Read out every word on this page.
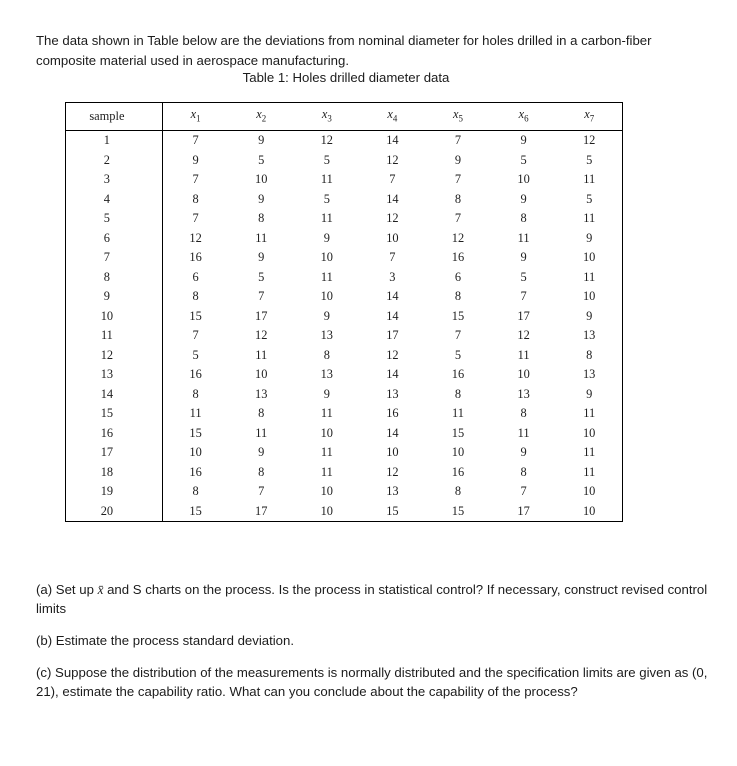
The data shown in Table below are the deviations from nominal diameter for holes drilled in a carbon-fiber composite material used in aerospace manufacturing.

Table 1: Holes drilled diameter data
sample	$x_1$	$x_2$	$x_3$	$x_4$	$x_5$	$x_6$	$x_7$
1	7	9	12	14	7	9	12
2	9	5	5	12	9	5	5
3	7	10	11	7	7	10	11
4	8	9	5	14	8	9	5
5	7	8	11	12	7	8	11
6	12	11	9	10	12	11	9
7	16	9	10	7	16	9	10
8	6	5	11	3	6	5	11
9	8	7	10	14	8	7	10
10	15	17	9	14	15	17	9
11	7	12	13	17	7	12	13
12	5	11	8	12	5	11	8
13	16	10	13	14	16	10	13
14	8	13	9	13	8	13	9
15	11	8	11	16	11	8	11
16	15	11	10	14	15	11	10
17	10	9	11	10	10	9	11
18	16	8	11	12	16	8	11
19	8	7	10	13	8	7	10
20	15	17	10	15	15	17	10
(a) Set up x̄ and S charts on the process. Is the process in statistical control? If necessary, construct revised control limits
(b) Estimate the process standard deviation.
(c) Suppose the distribution of the measurements is normally distributed and the specification limits are given as (0, 21), estimate the capability ratio. What can you conclude about the capability of the process?
